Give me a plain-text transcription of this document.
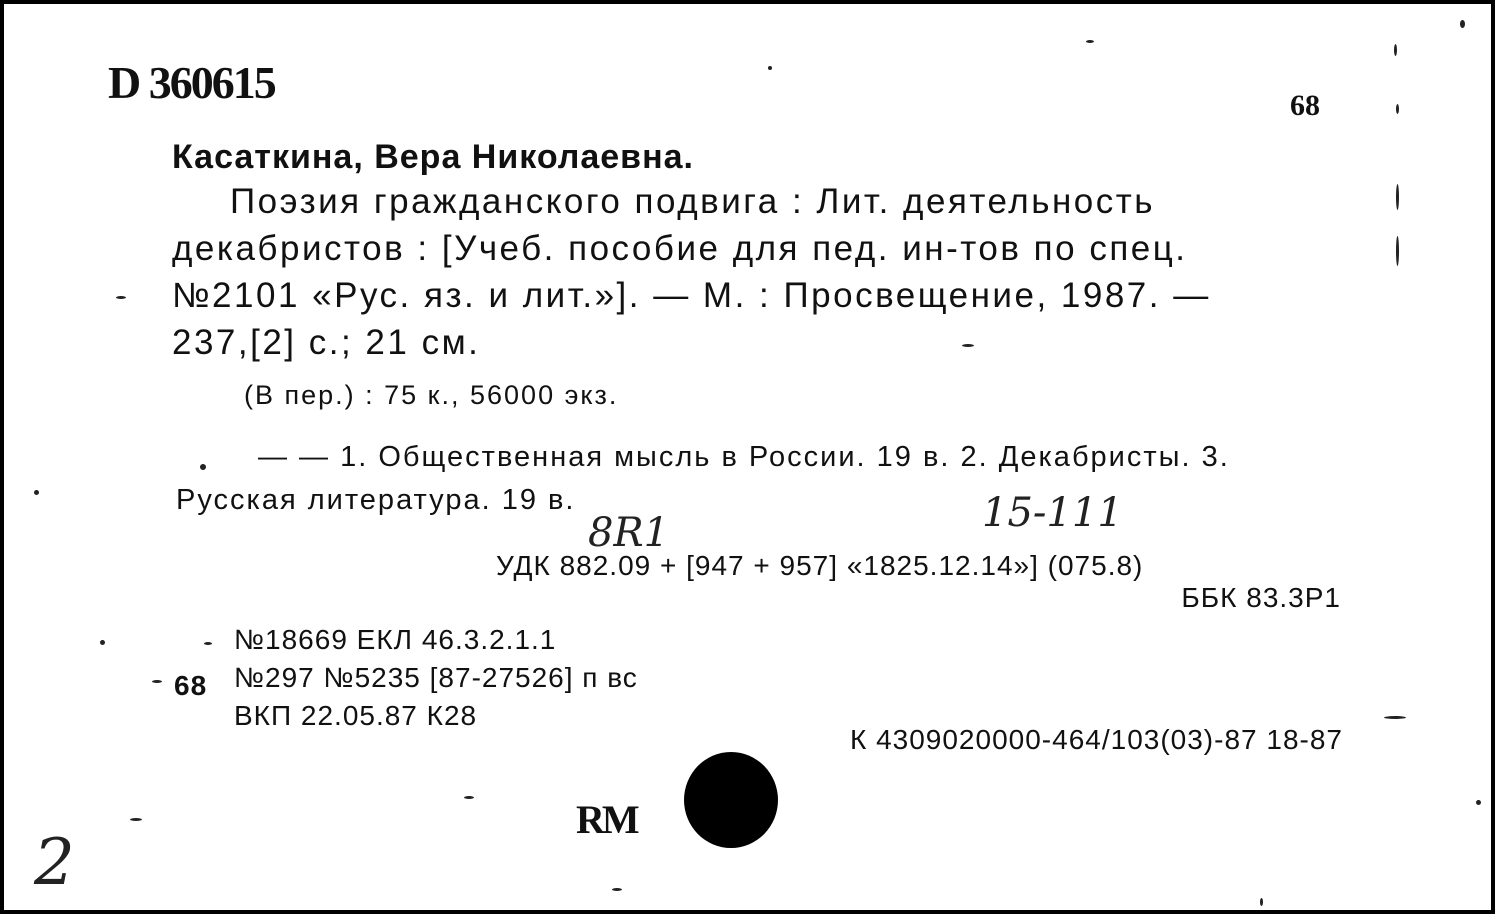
D 360615	68
Касаткина, Вера Николаевна.
Поэзия гражданского подвига : Лит. деятельность
декабристов : [Учеб. пособие для пед. ин-тов по спец.
№2101 «Рус. яз. и лит.»]. — М. : Просвещение, 1987. —
237,[2] с.; 21 см.
(В пер.) : 75 к., 56000 экз.
— — 1. Общественная мысль в России. 19 в. 2. Декабристы. 3.
Русская литература. 19 в.
8R1	15-111
УДК 882.09 + [947 + 957] «1825.12.14»] (075.8)
ББК 83.3Р1
68
№18669 ЕКЛ 46.3.2.1.1
№297 №5235 [87-27526] п вс
ВКП 22.05.87 К28
К 4309020000-464/103(03)-87 18-87
RM
2
